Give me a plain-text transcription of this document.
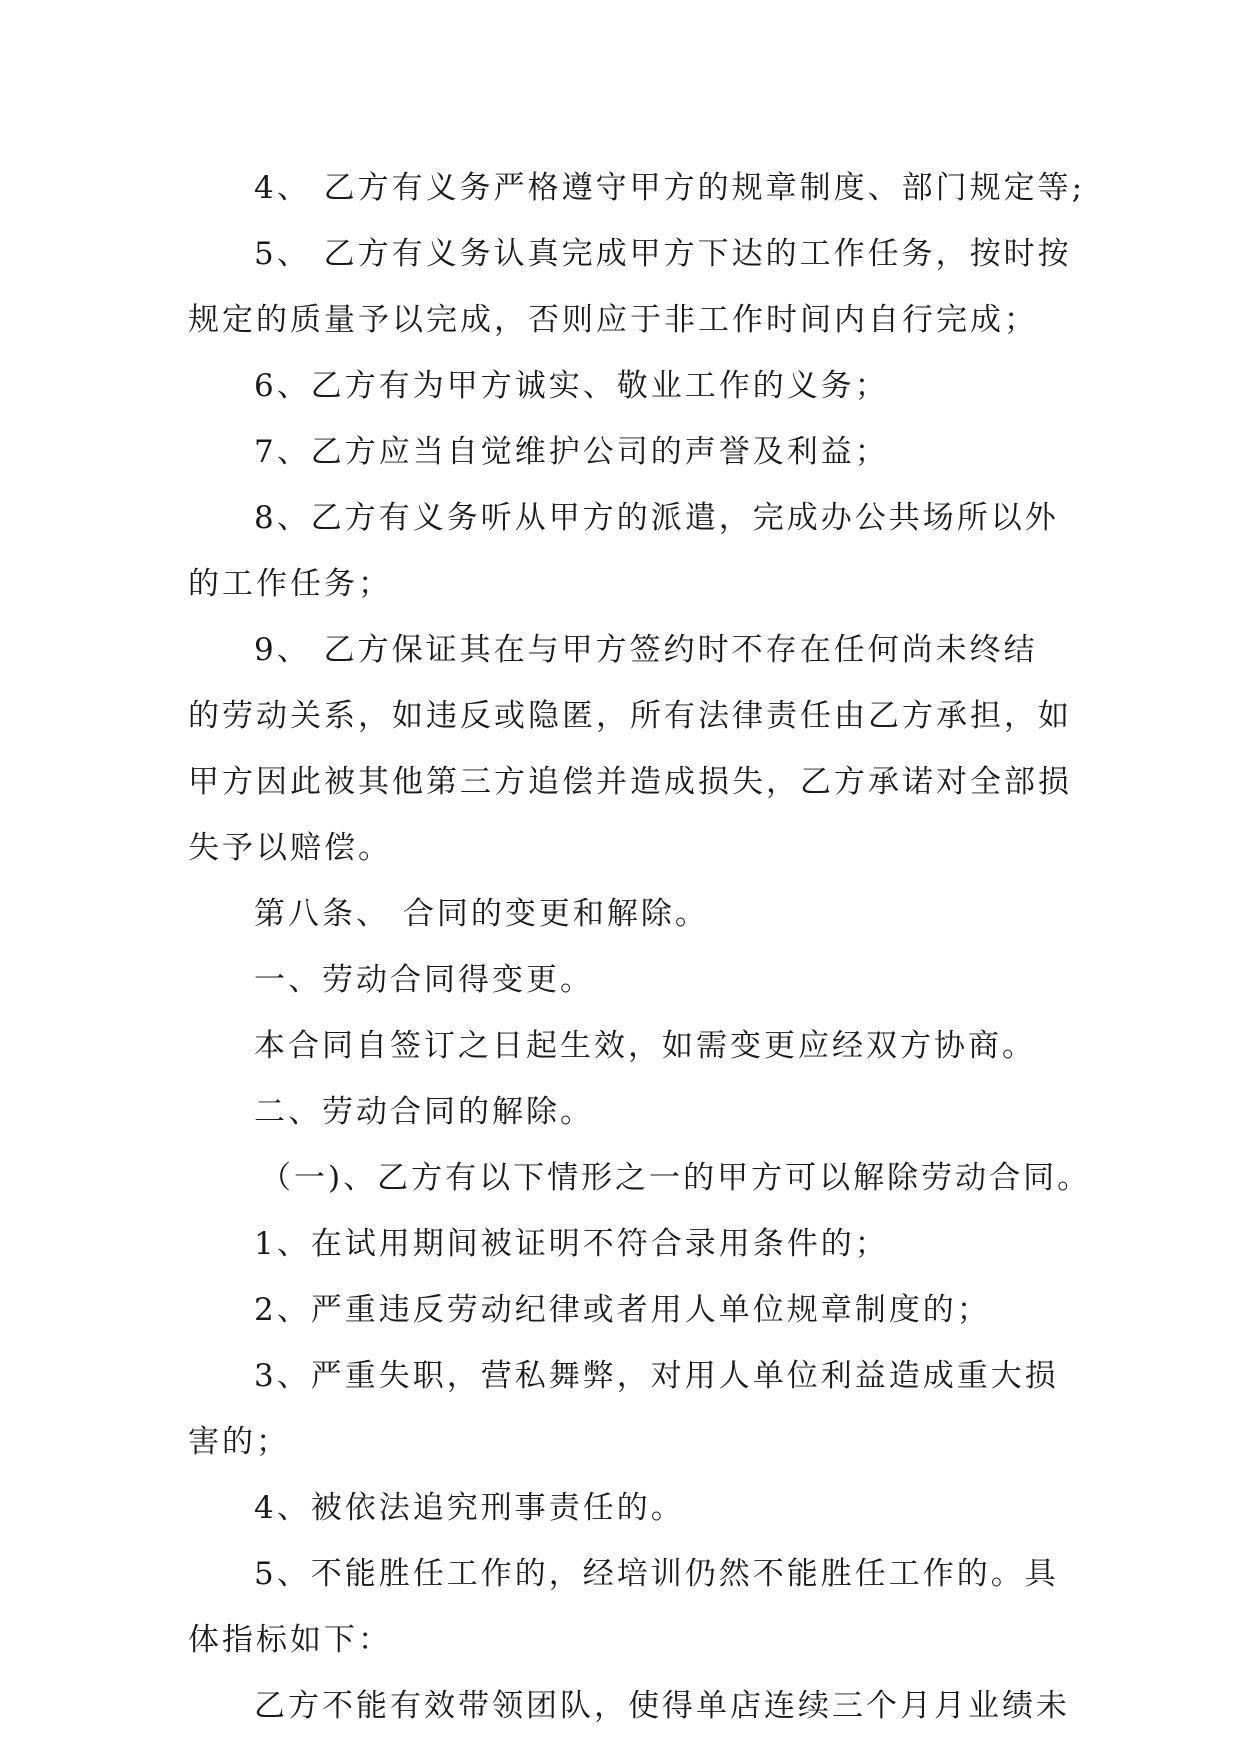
4、 乙方有义务严格遵守甲方的规章制度、部门规定等;
5、 乙方有义务认真完成甲方下达的工作任务，按时按
规定的质量予以完成，否则应于非工作时间内自行完成；
6、乙方有为甲方诚实、敬业工作的义务；
7、乙方应当自觉维护公司的声誉及利益；
8、乙方有义务听从甲方的派遣，完成办公共场所以外
的工作任务；
9、 乙方保证其在与甲方签约时不存在任何尚未终结
的劳动关系，如违反或隐匿，所有法律责任由乙方承担，如
甲方因此被其他第三方追偿并造成损失，乙方承诺对全部损
失予以赔偿。
第八条、 合同的变更和解除。
一、劳动合同得变更。
本合同自签订之日起生效，如需变更应经双方协商。
二、劳动合同的解除。
（一)、乙方有以下情形之一的甲方可以解除劳动合同。
1、在试用期间被证明不符合录用条件的；
2、严重违反劳动纪律或者用人单位规章制度的；
3、严重失职，营私舞弊，对用人单位利益造成重大损
害的；
4、被依法追究刑事责任的。
5、不能胜任工作的，经培训仍然不能胜任工作的。具
体指标如下：
乙方不能有效带领团队，使得单店连续三个月月业绩未
